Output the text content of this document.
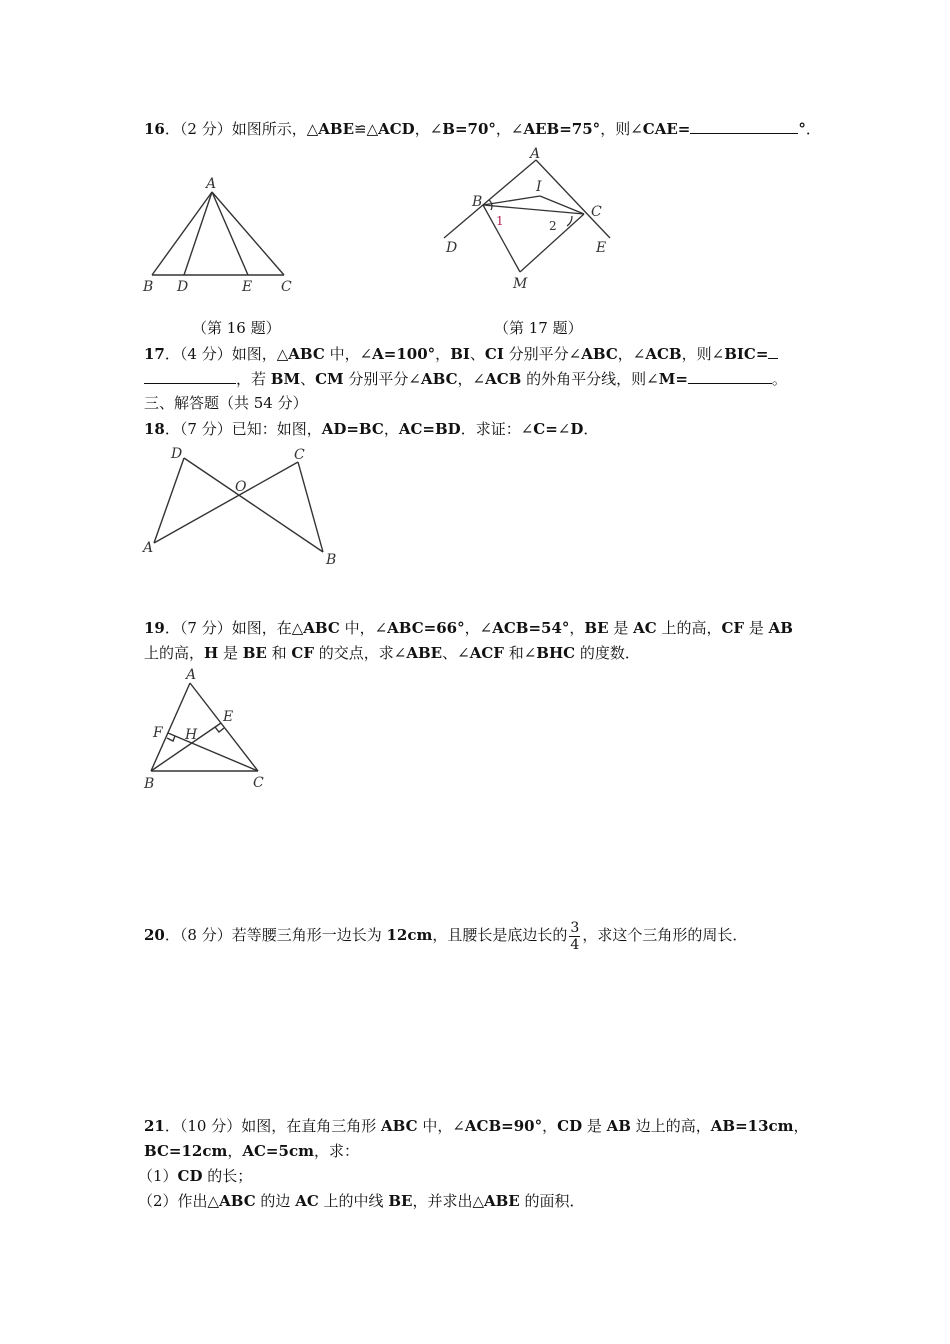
16．（2 分）如图所示，△ABE≌△ACD，∠B=70°，∠AEB=75°，则∠CAE=	°．
A
B D	E C
A
I
B
C
1	2
D	E
M
（第 16 题）	（第 17 题）
17．（4 分）如图，△ABC 中，∠A=100°，BI、CI 分别平分∠ABC，∠ACB，则∠BIC=
，若 BM、CM 分别平分∠ABC，∠ACB 的外角平分线，则∠M=	。
三、解答题（共 54 分）
18．（7 分）已知：如图，AD=BC，AC=BD．求证：∠C=∠D．
D	C
O
A
B
19．（7 分）如图，在△ABC 中，∠ABC=66°，∠ACB=54°，BE 是 AC 上的高，CF 是 AB
上的高，H 是 BE 和 CF 的交点，求∠ABE、∠ACF 和∠BHC 的度数．
A
E
F H
B	C
20．（8 分）若等腰三角形一边长为 12cm，且腰长是底边长的 $\frac{3}{4}$ ，求这个三角形的周长．
21．（10 分）如图，在直角三角形 ABC 中，∠ACB=90°，CD 是 AB 边上的高，AB=13cm，
BC=12cm，AC=5cm，求：
（1）CD 的长；
（2）作出△ABC 的边 AC 上的中线 BE，并求出△ABE 的面积．
